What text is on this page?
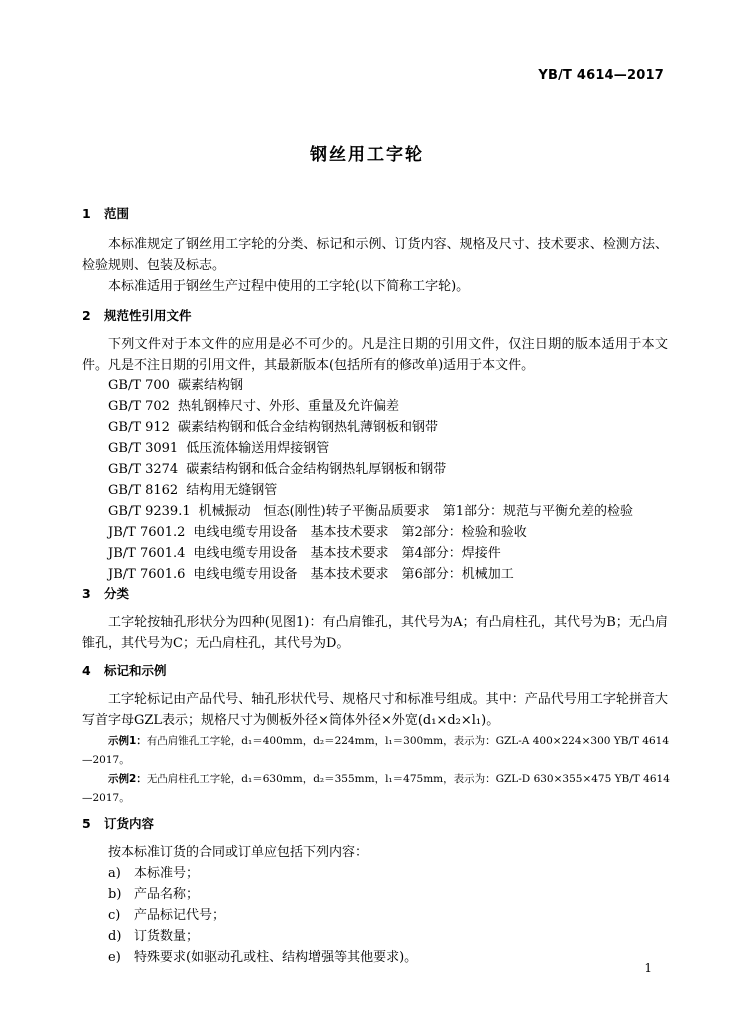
YB/T 4614—2017
钢丝用工字轮
1 范围
本标准规定了钢丝用工字轮的分类、标记和示例、订货内容、规格及尺寸、技术要求、检测方法、检验规则、包装及标志。
本标准适用于钢丝生产过程中使用的工字轮(以下简称工字轮)。
2 规范性引用文件
下列文件对于本文件的应用是必不可少的。凡是注日期的引用文件，仅注日期的版本适用于本文件。凡是不注日期的引用文件，其最新版本(包括所有的修改单)适用于本文件。
GB/T 700 碳素结构钢
GB/T 702 热轧钢棒尺寸、外形、重量及允许偏差
GB/T 912 碳素结构钢和低合金结构钢热轧薄钢板和钢带
GB/T 3091 低压流体输送用焊接钢管
GB/T 3274 碳素结构钢和低合金结构钢热轧厚钢板和钢带
GB/T 8162 结构用无缝钢管
GB/T 9239.1 机械振动　恒态(刚性)转子平衡品质要求　第1部分：规范与平衡允差的检验
JB/T 7601.2 电线电缆专用设备　基本技术要求　第2部分：检验和验收
JB/T 7601.4 电线电缆专用设备　基本技术要求　第4部分：焊接件
JB/T 7601.6 电线电缆专用设备　基本技术要求　第6部分：机械加工
3 分类
工字轮按轴孔形状分为四种(见图1)：有凸肩锥孔，其代号为A；有凸肩柱孔，其代号为B；无凸肩锥孔，其代号为C；无凸肩柱孔，其代号为D。
4 标记和示例
工字轮标记由产品代号、轴孔形状代号、规格尺寸和标准号组成。其中：产品代号用工字轮拼音大写首字母GZL表示；规格尺寸为侧板外径×筒体外径×外宽(d₁×d₂×l₁)。
示例1：有凸肩锥孔工字轮，d₁＝400mm，d₂＝224mm，l₁＝300mm，表示为：GZL-A 400×224×300 YB/T 4614—2017。
示例2：无凸肩柱孔工字轮，d₁＝630mm，d₂＝355mm，l₁＝475mm，表示为：GZL-D 630×355×475 YB/T 4614—2017。
5 订货内容
按本标准订货的合同或订单应包括下列内容：
a) 本标准号；
b) 产品名称；
c) 产品标记代号；
d) 订货数量；
e) 特殊要求(如驱动孔或柱、结构增强等其他要求)。
1
